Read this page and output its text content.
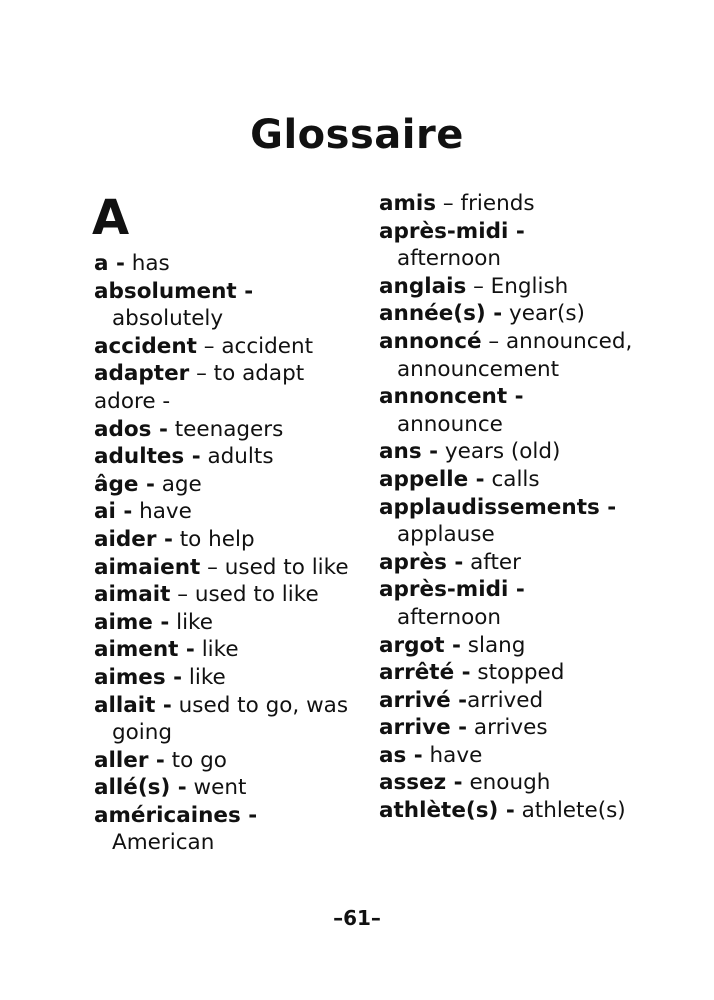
Glossaire
A
a - has
absolument - absolutely
accident – accident
adapter – to adapt
adore -
ados - teenagers
adultes - adults
âge - age
ai - have
aider - to help
aimaient – used to like
aimait – used to like
aime - like
aiment - like
aimes - like
allait - used to go, was going
aller - to go
allé(s) - went
américaines - American
amis – friends
après-midi - afternoon
anglais – English
année(s) - year(s)
annoncé – announced, announcement
annoncent - announce
ans - years (old)
appelle - calls
applaudissements - applause
après - after
après-midi - afternoon
argot - slang
arrêté - stopped
arrivé -arrived
arrive - arrives
as - have
assez - enough
athlète(s) - athlete(s)
–61–
